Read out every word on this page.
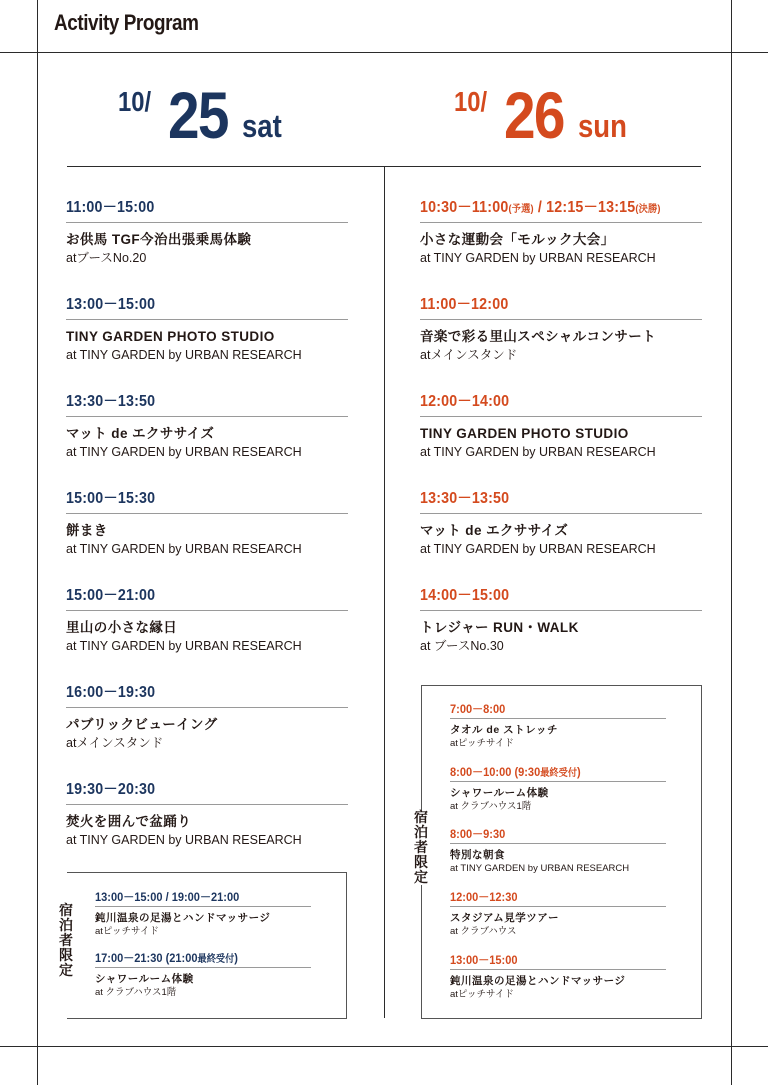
Activity Program
10/ 25 sat
10/ 26 sun
11:00－15:00
お供馬 TGF今治出張乗馬体験
atブースNo.20
13:00－15:00
TINY GARDEN PHOTO STUDIO
at TINY GARDEN by URBAN RESEARCH
13:30－13:50
マット de エクササイズ
at TINY GARDEN by URBAN RESEARCH
15:00－15:30
餅まき
at TINY GARDEN by URBAN RESEARCH
15:00－21:00
里山の小さな縁日
at TINY GARDEN by URBAN RESEARCH
16:00－19:30
パブリックビューイング
atメインスタンド
19:30－20:30
焚火を囲んで盆踊り
at TINY GARDEN by URBAN RESEARCH
宿
泊
者
限
定
13:00－15:00 / 19:00－21:00
鈍川温泉の足湯とハンドマッサージ
atピッチサイド
17:00－21:30 (21:00最終受付)
シャワールーム体験
at クラブハウス1階
10:30－11:00(予選) / 12:15－13:15(決勝)
小さな運動会「モルック大会」
at TINY GARDEN by URBAN RESEARCH
11:00－12:00
音楽で彩る里山スペシャルコンサート
atメインスタンド
12:00－14:00
TINY GARDEN PHOTO STUDIO
at TINY GARDEN by URBAN RESEARCH
13:30－13:50
マット de エクササイズ
at TINY GARDEN by URBAN RESEARCH
14:00－15:00
トレジャー RUN・WALK
at ブースNo.30
宿
泊
者
限
定
7:00－8:00
タオル de ストレッチ
atピッチサイド
8:00－10:00 (9:30最終受付)
シャワールーム体験
at クラブハウス1階
8:00－9:30
特別な朝食
at TINY GARDEN by URBAN RESEARCH
12:00－12:30
スタジアム見学ツアー
at クラブハウス
13:00－15:00
鈍川温泉の足湯とハンドマッサージ
atピッチサイド
